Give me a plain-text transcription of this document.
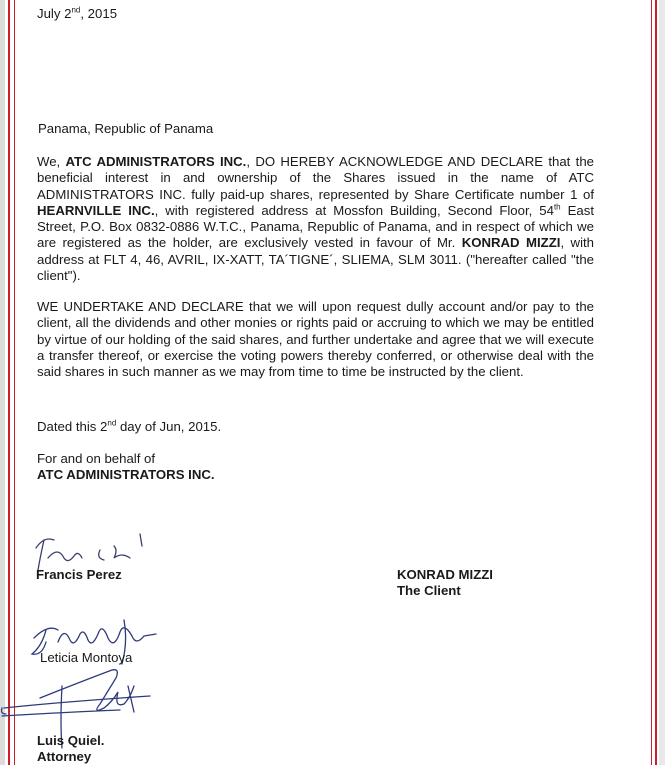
July 2nd, 2015
Panama, Republic of Panama
We, ATC ADMINISTRATORS INC., DO HEREBY ACKNOWLEDGE AND DECLARE that the beneficial interest in and ownership of the Shares issued in the name of ATC ADMINISTRATORS INC. fully paid-up shares, represented by Share Certificate number 1 of HEARNVILLE INC., with registered address at Mossfon Building, Second Floor, 54th East Street, P.O. Box 0832-0886 W.T.C., Panama, Republic of Panama, and in respect of which we are registered as the holder, are exclusively vested in favour of Mr. KONRAD MIZZI, with address at FLT 4, 46, AVRIL, IX-XATT, TA´TIGNE´, SLIEMA, SLM 3011. ("hereafter called "the client").
WE UNDERTAKE AND DECLARE that we will upon request dully account and/or pay to the client, all the dividends and other monies or rights paid or accruing to which we may be entitled by virtue of our holding of the said shares, and further undertake and agree that we will execute a transfer thereof, or exercise the voting powers thereby conferred, or otherwise deal with the said shares in such manner as we may from time to time be instructed by the client.
Dated this 2nd day of Jun, 2015.
For and on behalf of
ATC ADMINISTRATORS INC.
Francis Perez	KONRAD MIZZI
The Client
Leticia Montoya
Luis Quiel.
Attorney
